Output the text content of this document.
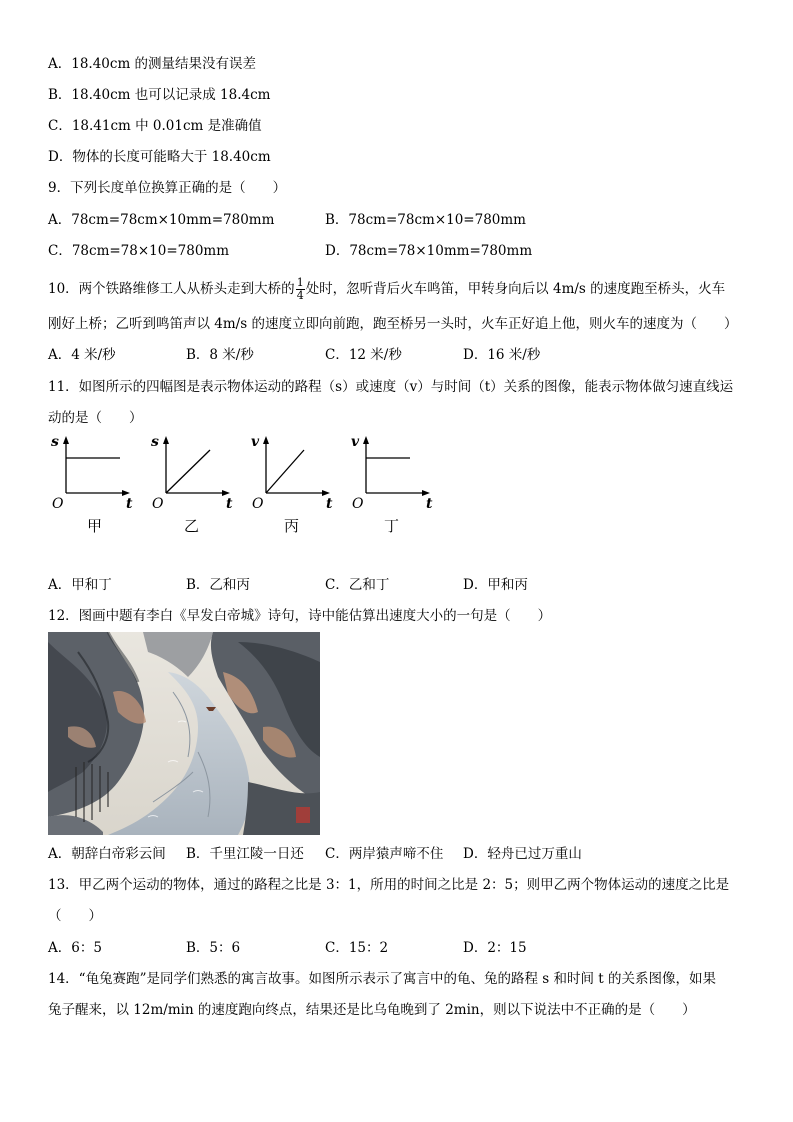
A．18.40cm 的测量结果没有误差
B．18.40cm 也可以记录成 18.4cm
C．18.41cm 中 0.01cm 是准确值
D．物体的长度可能略大于 18.40cm
9．下列长度单位换算正确的是（　　）
A．78cm=78cm×10mm=780mm	B．78cm=78cm×10=780mm
C．78cm=78×10=780mm	D．78cm=78×10mm=780mm
10．两个铁路维修工人从桥头走到大桥的 $\frac{1}{4}$ 处时，忽听背后火车鸣笛，甲转身向后以 4m/s 的速度跑至桥头，火车
刚好上桥；乙听到鸣笛声以 4m/s 的速度立即向前跑，跑至桥另一头时，火车正好追上他，则火车的速度为（　　）
A．4 米/秒	B．8 米/秒	C．12 米/秒	D．16 米/秒
11．如图所示的四幅图是表示物体运动的路程（s）或速度（v）与时间（t）关系的图像，能表示物体做匀速直线运
动的是（　　）
s
t
O
s
t
O
v
t
O
v
t
O
甲	乙	丙	丁
A．甲和丁	B．乙和丙	C．乙和丁	D．甲和丙
12．图画中题有李白《早发白帝城》诗句，诗中能估算出速度大小的一句是（　　）
A．朝辞白帝彩云间 B．千里江陵一日还 C．两岸猿声啼不住 D．轻舟已过万重山
13．甲乙两个运动的物体，通过的路程之比是 3：1，所用的时间之比是 2：5；则甲乙两个物体运动的速度之比是
（　　）
A．6：5	B．5：6	C．15：2	D．2：15
14．“龟兔赛跑”是同学们熟悉的寓言故事。如图所示表示了寓言中的龟、兔的路程 s 和时间 t 的关系图像，如果
兔子醒来，以 12m/min 的速度跑向终点，结果还是比乌龟晚到了 2min，则以下说法中不正确的是（　　）
